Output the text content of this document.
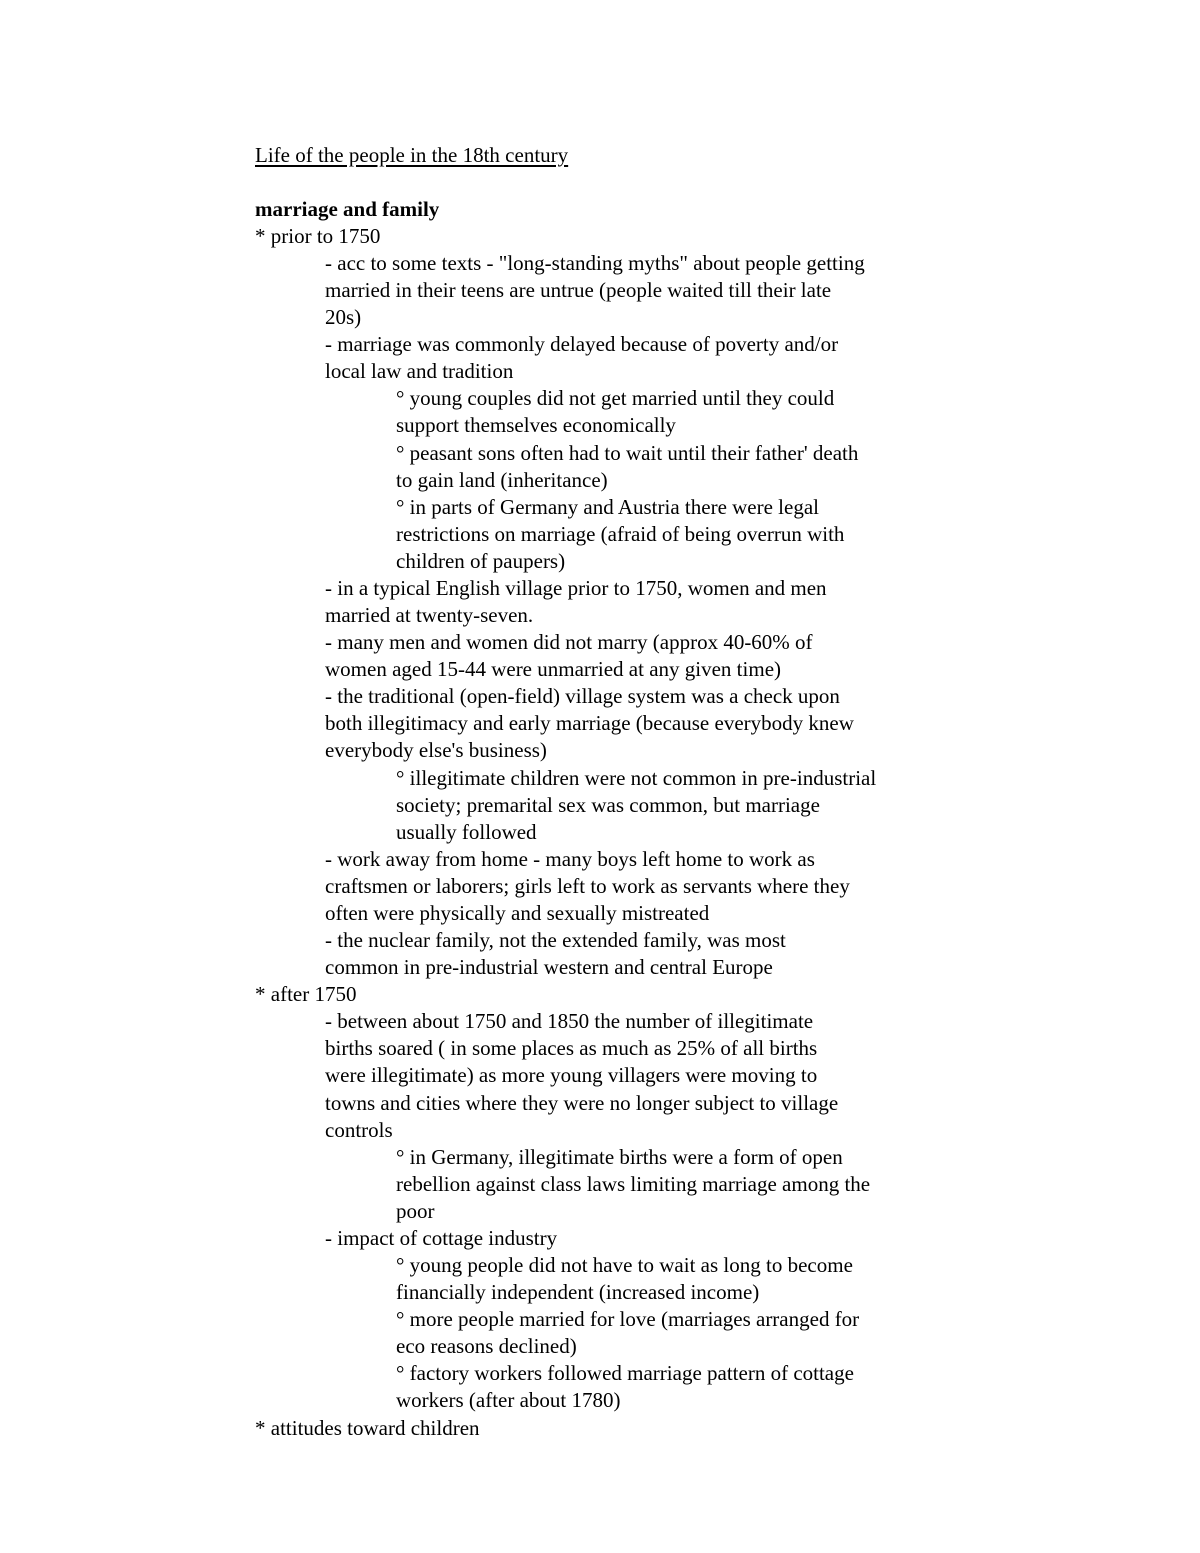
Life of the people in the 18th century
marriage and family
* prior to 1750
- acc to some texts - "long-standing myths" about people getting
married in their teens are untrue (people waited till their late
20s)
- marriage was commonly delayed because of poverty and/or
local law and tradition
° young couples did not get married until they could
support themselves economically
° peasant sons often had to wait until their father' death
to gain land (inheritance)
° in parts of Germany and Austria there were legal
restrictions on marriage (afraid of being overrun with
children of paupers)
- in a typical English village prior to 1750, women and men
married at twenty-seven.
- many men and women did not marry (approx 40-60% of
women aged 15-44 were unmarried at any given time)
- the traditional (open-field) village system was a check upon
both illegitimacy and early marriage (because everybody knew
everybody else's business)
° illegitimate children were not common in pre-industrial
society; premarital sex was common, but marriage
usually followed
- work away from home - many boys left home to work as
craftsmen or laborers; girls left to work as servants where they
often were physically and sexually mistreated
- the nuclear family, not the extended family, was most
common in pre-industrial western and central Europe
* after 1750
- between about 1750 and 1850 the number of illegitimate
births soared ( in some places as much as 25% of all births
were illegitimate) as more young villagers were moving to
towns and cities where they were no longer subject to village
controls
° in Germany, illegitimate births were a form of open
rebellion against class laws limiting marriage among the
poor
- impact of cottage industry
° young people did not have to wait as long to become
financially independent (increased income)
° more people married for love (marriages arranged for
eco reasons declined)
° factory workers followed marriage pattern of cottage
workers (after about 1780)
* attitudes toward children
